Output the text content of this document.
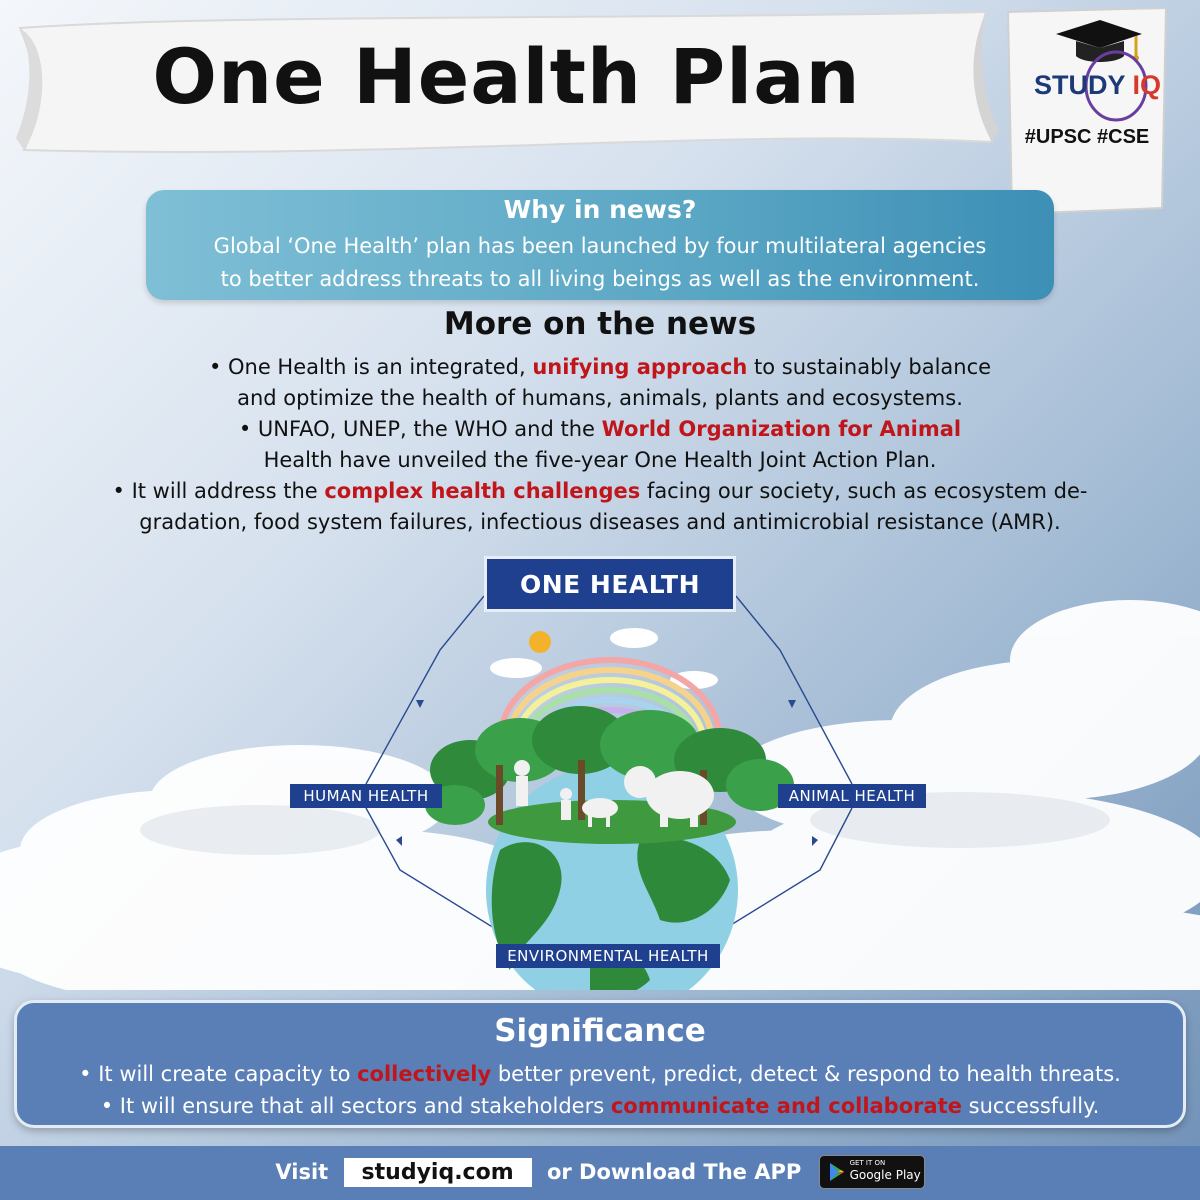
One Health Plan	STUDY IQ
#UPSC #CSE
Why in news?
Global ‘One Health’ plan has been launched by four multilateral agencies
to better address threats to all living beings as well as the environment.
More on the news

• One Health is an integrated, unifying approach to sustainably balance

and optimize the health of humans, animals, plants and ecosystems.

• UNFAO, UNEP, the WHO and the World Organization for Animal

Health have unveiled the five-year One Health Joint Action Plan.

• It will address the complex health challenges facing our society, such as ecosystem de-

gradation, food system failures, infectious diseases and antimicrobial resistance (AMR).

ONE HEALTH
HUMAN HEALTH	ANIMAL HEALTH
ENVIRONMENTAL HEALTH
Significance

• It will create capacity to collectively better prevent, predict, detect & respond to health threats.

• It will ensure that all sectors and stakeholders communicate and collaborate successfully.

Visit studyiq.com or Download The APP	GET IT ON
Google Play
